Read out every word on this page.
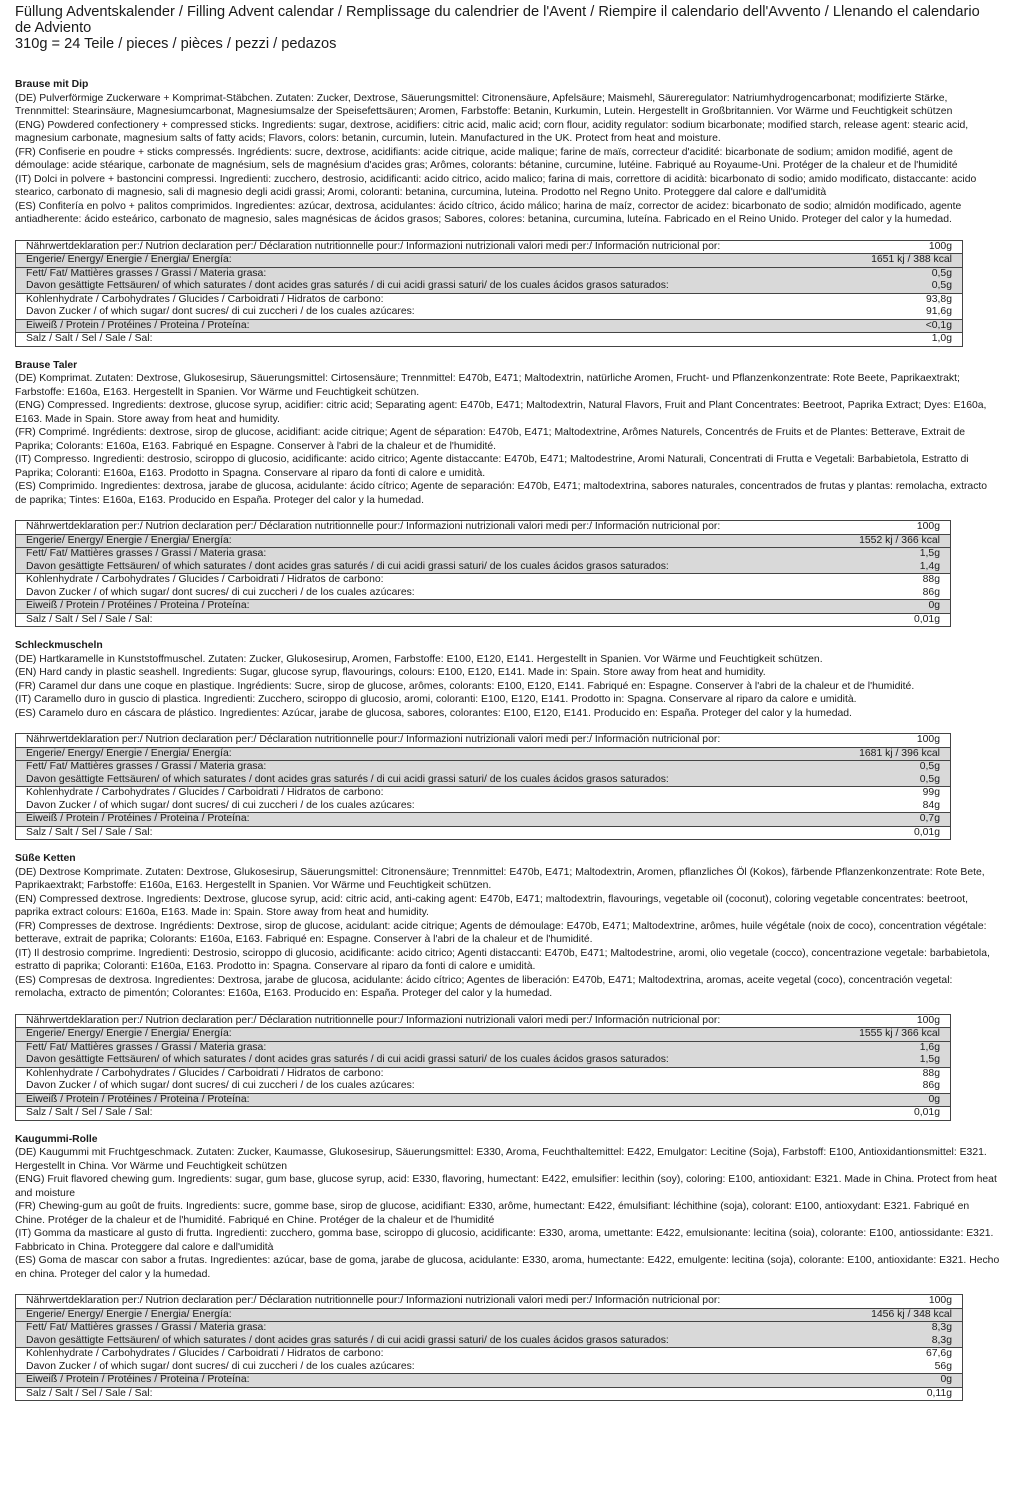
Füllung Adventskalender / Filling Advent calendar / Remplissage du calendrier de l'Avent / Riempire il calendario dell'Avvento / Llenando el calendario de Adviento
310g = 24 Teile / pieces / pièces / pezzi / pedazos
Brause mit Dip

(DE) Pulverförmige Zuckerware + Komprimat-Stäbchen. Zutaten: Zucker, Dextrose, Säuerungsmittel: Citronensäure, Apfelsäure; Maismehl, Säureregulator: Natriumhydrogencarbonat; modifizierte Stärke, Trennmittel: Stearinsäure, Magnesiumcarbonat, Magnesiumsalze der Speisefettsäuren; Aromen, Farbstoffe: Betanin, Kurkumin, Lutein. Hergestellt in Großbritannien. Vor Wärme und Feuchtigkeit schützen

(ENG) Powdered confectionery + compressed sticks. Ingredients: sugar, dextrose, acidifiers: citric acid, malic acid; corn flour, acidity regulator: sodium bicarbonate; modified starch, release agent: stearic acid, magnesium carbonate, magnesium salts of fatty acids; Flavors, colors: betanin, curcumin, lutein. Manufactured in the UK. Protect from heat and moisture.

(FR) Confiserie en poudre + sticks compressés. Ingrédients: sucre, dextrose, acidifiants: acide citrique, acide malique; farine de maïs, correcteur d'acidité: bicarbonate de sodium; amidon modifié, agent de démoulage: acide stéarique, carbonate de magnésium, sels de magnésium d'acides gras; Arômes, colorants: bétanine, curcumine, lutéine. Fabriqué au Royaume-Uni. Protéger de la chaleur et de l'humidité

(IT) Dolci in polvere + bastoncini compressi. Ingredienti: zucchero, destrosio, acidificanti: acido citrico, acido malico; farina di mais, correttore di acidità: bicarbonato di sodio; amido modificato, distaccante: acido stearico, carbonato di magnesio, sali di magnesio degli acidi grassi; Aromi, coloranti: betanina, curcumina, luteina. Prodotto nel Regno Unito. Proteggere dal calore e dall'umidità

(ES) Confitería en polvo + palitos comprimidos. Ingredientes: azúcar, dextrosa, acidulantes: ácido cítrico, ácido málico; harina de maíz, corrector de acidez: bicarbonato de sodio; almidón modificado, agente antiadherente: ácido esteárico, carbonato de magnesio, sales magnésicas de ácidos grasos; Sabores, colores: betanina, curcumina, luteína. Fabricado en el Reino Unido. Proteger del calor y la humedad.

Nährwertdeklaration per:/ Nutrion declaration per:/ Déclaration nutritionnelle pour:/ Informazioni nutrizionali valori medi per:/ Información nutricional por:	100g
Engerie/ Energy/ Énergie / Energia/ Energía:	1651 kj / 388 kcal
Fett/ Fat/ Mattières grasses / Grassi / Materia grasa:	0,5g
Davon gesättigte Fettsäuren/ of which saturates / dont acides gras saturés / di cui acidi grassi saturi/ de los cuales ácidos grasos saturados:	0,5g
Kohlenhydrate / Carbohydrates / Glucides / Carboidrati / Hidratos de carbono:	93,8g
Davon Zucker / of which sugar/ dont sucres/ di cui zuccheri / de los cuales azúcares:	91,6g
Eiweiß / Protein / Protéines / Proteina / Proteína:	<0,1g
Salz / Salt / Sel / Sale / Sal:	1,0g
Brause Taler

(DE) Komprimat. Zutaten: Dextrose, Glukosesirup, Säuerungsmittel: Cirtosensäure; Trennmittel: E470b, E471; Maltodextrin, natürliche Aromen, Frucht- und Pflanzenkonzentrate: Rote Beete, Paprikaextrakt; Farbstoffe: E160a, E163. Hergestellt in Spanien. Vor Wärme und Feuchtigkeit schützen.

(ENG) Compressed. Ingredients: dextrose, glucose syrup, acidifier: citric acid; Separating agent: E470b, E471; Maltodextrin, Natural Flavors, Fruit and Plant Concentrates: Beetroot, Paprika Extract; Dyes: E160a, E163. Made in Spain. Store away from heat and humidity.

(FR) Comprimé. Ingrédients: dextrose, sirop de glucose, acidifiant: acide citrique; Agent de séparation: E470b, E471; Maltodextrine, Arômes Naturels, Concentrés de Fruits et de Plantes: Betterave, Extrait de Paprika; Colorants: E160a, E163. Fabriqué en Espagne. Conserver à l'abri de la chaleur et de l'humidité.

(IT) Compresso. Ingredienti: destrosio, sciroppo di glucosio, acidificante: acido citrico; Agente distaccante: E470b, E471; Maltodestrine, Aromi Naturali, Concentrati di Frutta e Vegetali: Barbabietola, Estratto di Paprika; Coloranti: E160a, E163. Prodotto in Spagna. Conservare al riparo da fonti di calore e umidità.

(ES) Comprimido. Ingredientes: dextrosa, jarabe de glucosa, acidulante: ácido cítrico; Agente de separación: E470b, E471; maltodextrina, sabores naturales, concentrados de frutas y plantas: remolacha, extracto de paprika; Tintes: E160a, E163. Producido en España. Proteger del calor y la humedad.

Nährwertdeklaration per:/ Nutrion declaration per:/ Déclaration nutritionnelle pour:/ Informazioni nutrizionali valori medi per:/ Información nutricional por:	100g
Engerie/ Energy/ Énergie / Energia/ Energía:	1552 kj / 366 kcal
Fett/ Fat/ Mattières grasses / Grassi / Materia grasa:	1,5g
Davon gesättigte Fettsäuren/ of which saturates / dont acides gras saturés / di cui acidi grassi saturi/ de los cuales ácidos grasos saturados:	1,4g
Kohlenhydrate / Carbohydrates / Glucides / Carboidrati / Hidratos de carbono:	88g
Davon Zucker / of which sugar/ dont sucres/ di cui zuccheri / de los cuales azúcares:	86g
Eiweiß / Protein / Protéines / Proteina / Proteína:	0g
Salz / Salt / Sel / Sale / Sal:	0,01g
Schleckmuscheln

(DE) Hartkaramelle in Kunststoffmuschel. Zutaten: Zucker, Glukosesirup, Aromen, Farbstoffe: E100, E120, E141. Hergestellt in Spanien. Vor Wärme und Feuchtigkeit schützen.

(EN) Hard candy in plastic seashell. Ingredients: Sugar, glucose syrup, flavourings, colours: E100, E120, E141. Made in: Spain. Store away from heat and humidity.

(FR) Caramel dur dans une coque en plastique. Ingrédients: Sucre, sirop de glucose, arômes, colorants: E100, E120, E141. Fabriqué en: Espagne. Conserver à l'abri de la chaleur et de l'humidité.

(IT) Caramello duro in guscio di plastica. Ingredienti: Zucchero, sciroppo di glucosio, aromi, coloranti: E100, E120, E141. Prodotto in: Spagna. Conservare al riparo da calore e umidità.

(ES) Caramelo duro en cáscara de plástico. Ingredientes: Azúcar, jarabe de glucosa, sabores, colorantes: E100, E120, E141. Producido en: España. Proteger del calor y la humedad.

Nährwertdeklaration per:/ Nutrion declaration per:/ Déclaration nutritionnelle pour:/ Informazioni nutrizionali valori medi per:/ Información nutricional por:	100g
Engerie/ Energy/ Énergie / Energia/ Energía:	1681 kj / 396 kcal
Fett/ Fat/ Mattières grasses / Grassi / Materia grasa:	0,5g
Davon gesättigte Fettsäuren/ of which saturates / dont acides gras saturés / di cui acidi grassi saturi/ de los cuales ácidos grasos saturados:	0,5g
Kohlenhydrate / Carbohydrates / Glucides / Carboidrati / Hidratos de carbono:	99g
Davon Zucker / of which sugar/ dont sucres/ di cui zuccheri / de los cuales azúcares:	84g
Eiweiß / Protein / Protéines / Proteina / Proteína:	0,7g
Salz / Salt / Sel / Sale / Sal:	0,01g
Süße Ketten

(DE) Dextrose Komprimate. Zutaten: Dextrose, Glukosesirup, Säuerungsmittel: Citronensäure; Trennmittel: E470b, E471; Maltodextrin, Aromen, pflanzliches Öl (Kokos), färbende Pflanzenkonzentrate: Rote Bete, Paprikaextrakt; Farbstoffe: E160a, E163. Hergestellt in Spanien. Vor Wärme und Feuchtigkeit schützen.

(EN) Compressed dextrose. Ingredients: Dextrose, glucose syrup, acid: citric acid, anti-caking agent: E470b, E471; maltodextrin, flavourings, vegetable oil (coconut), coloring vegetable concentrates: beetroot, paprika extract colours: E160a, E163. Made in: Spain. Store away from heat and humidity.

(FR) Compresses de dextrose. Ingrédients: Dextrose, sirop de glucose, acidulant: acide citrique; Agents de démoulage: E470b, E471; Maltodextrine, arômes, huile végétale (noix de coco), concentration végétale: betterave, extrait de paprika; Colorants: E160a, E163. Fabriqué en: Espagne. Conserver à l'abri de la chaleur et de l'humidité.

(IT) Il destrosio comprime. Ingredienti: Destrosio, sciroppo di glucosio, acidificante: acido citrico; Agenti distaccanti: E470b, E471; Maltodestrine, aromi, olio vegetale (cocco), concentrazione vegetale: barbabietola, estratto di paprika; Coloranti: E160a, E163. Prodotto in: Spagna. Conservare al riparo da fonti di calore e umidità.

(ES) Compresas de dextrosa. Ingredientes: Dextrosa, jarabe de glucosa, acidulante: ácido cítrico; Agentes de liberación: E470b, E471; Maltodextrina, aromas, aceite vegetal (coco), concentración vegetal: remolacha, extracto de pimentón; Colorantes: E160a, E163. Producido en: España. Proteger del calor y la humedad.

Nährwertdeklaration per:/ Nutrion declaration per:/ Déclaration nutritionnelle pour:/ Informazioni nutrizionali valori medi per:/ Información nutricional por:	100g
Engerie/ Energy/ Énergie / Energia/ Energía:	1555 kj / 366 kcal
Fett/ Fat/ Mattières grasses / Grassi / Materia grasa:	1,6g
Davon gesättigte Fettsäuren/ of which saturates / dont acides gras saturés / di cui acidi grassi saturi/ de los cuales ácidos grasos saturados:	1,5g
Kohlenhydrate / Carbohydrates / Glucides / Carboidrati / Hidratos de carbono:	88g
Davon Zucker / of which sugar/ dont sucres/ di cui zuccheri / de los cuales azúcares:	86g
Eiweiß / Protein / Protéines / Proteina / Proteína:	0g
Salz / Salt / Sel / Sale / Sal:	0,01g
Kaugummi-Rolle

(DE) Kaugummi mit Fruchtgeschmack. Zutaten: Zucker, Kaumasse, Glukosesirup, Säuerungsmittel: E330, Aroma, Feuchthaltemittel: E422, Emulgator: Lecitine (Soja), Farbstoff: E100, Antioxidantionsmittel: E321. Hergestellt in China. Vor Wärme und Feuchtigkeit schützen

(ENG) Fruit flavored chewing gum. Ingredients: sugar, gum base, glucose syrup, acid: E330, flavoring, humectant: E422, emulsifier: lecithin (soy), coloring: E100, antioxidant: E321. Made in China. Protect from heat and moisture

(FR) Chewing-gum au goût de fruits. Ingredients: sucre, gomme base, sirop de glucose, acidifiant: E330, arôme, humectant: E422, émulsifiant: léchithine (soja), colorant: E100, antioxydant: E321. Fabriqué en Chine. Protéger de la chaleur et de l'humidité. Fabriqué en Chine. Protéger de la chaleur et de l'humidité

(IT) Gomma da masticare al gusto di frutta. Ingredienti: zucchero, gomma base, sciroppo di glucosio, acidificante: E330, aroma, umettante: E422, emulsionante: lecitina (soia), colorante: E100, antiossidante: E321. Fabbricato in China. Proteggere dal calore e dall'umidità

(ES) Goma de mascar con sabor a frutas. Ingredientes: azúcar, base de goma, jarabe de glucosa, acidulante: E330, aroma, humectante: E422, emulgente: lecitina (soja), colorante: E100, antioxidante: E321. Hecho en china. Proteger del calor y la humedad.

Nährwertdeklaration per:/ Nutrion declaration per:/ Déclaration nutritionnelle pour:/ Informazioni nutrizionali valori medi per:/ Información nutricional por:	100g
Engerie/ Energy/ Énergie / Energia/ Energía:	1456 kj / 348 kcal
Fett/ Fat/ Mattières grasses / Grassi / Materia grasa:	8,3g
Davon gesättigte Fettsäuren/ of which saturates / dont acides gras saturés / di cui acidi grassi saturi/ de los cuales ácidos grasos saturados:	8,3g
Kohlenhydrate / Carbohydrates / Glucides / Carboidrati / Hidratos de carbono:	67,6g
Davon Zucker / of which sugar/ dont sucres/ di cui zuccheri / de los cuales azúcares:	56g
Eiweiß / Protein / Protéines / Proteina / Proteína:	0g
Salz / Salt / Sel / Sale / Sal:	0,11g
